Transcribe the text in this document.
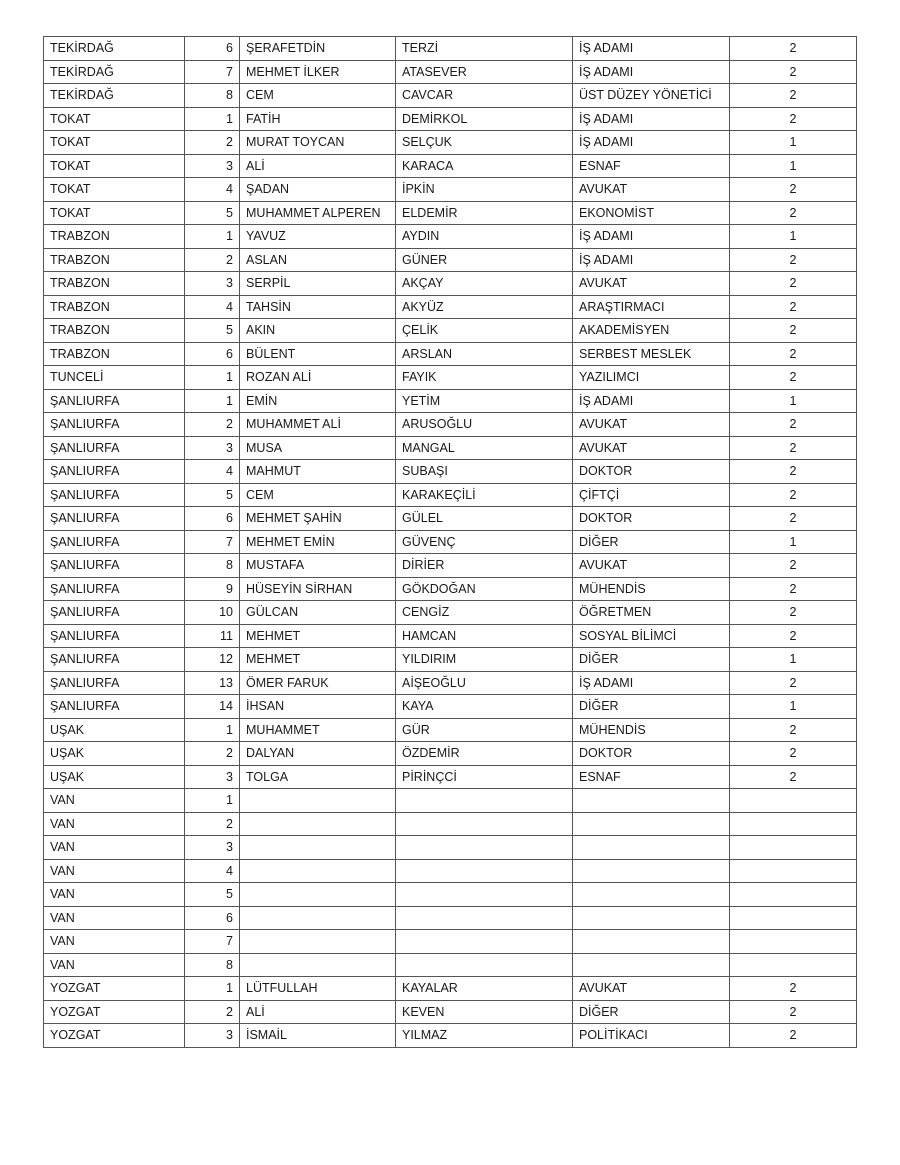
TEKİRDAĞ	6	ŞERAFETDİN	TERZİ	İŞ ADAMI	2
TEKİRDAĞ	7	MEHMET İLKER	ATASEVER	İŞ ADAMI	2
TEKİRDAĞ	8	CEM	CAVCAR	ÜST DÜZEY YÖNETİCİ	2
TOKAT	1	FATİH	DEMİRKOL	İŞ ADAMI	2
TOKAT	2	MURAT TOYCAN	SELÇUK	İŞ ADAMI	1
TOKAT	3	ALİ	KARACA	ESNAF	1
TOKAT	4	ŞADAN	İPKİN	AVUKAT	2
TOKAT	5	MUHAMMET ALPEREN	ELDEMİR	EKONOMİST	2
TRABZON	1	YAVUZ	AYDIN	İŞ ADAMI	1
TRABZON	2	ASLAN	GÜNER	İŞ ADAMI	2
TRABZON	3	SERPİL	AKÇAY	AVUKAT	2
TRABZON	4	TAHSİN	AKYÜZ	ARAŞTIRMACI	2
TRABZON	5	AKIN	ÇELİK	AKADEMİSYEN	2
TRABZON	6	BÜLENT	ARSLAN	SERBEST MESLEK	2
TUNCELİ	1	ROZAN ALİ	FAYIK	YAZILIMCI	2
ŞANLIURFA	1	EMİN	YETİM	İŞ ADAMI	1
ŞANLIURFA	2	MUHAMMET ALİ	ARUSOĞLU	AVUKAT	2
ŞANLIURFA	3	MUSA	MANGAL	AVUKAT	2
ŞANLIURFA	4	MAHMUT	SUBAŞI	DOKTOR	2
ŞANLIURFA	5	CEM	KARAKEÇİLİ	ÇİFTÇİ	2
ŞANLIURFA	6	MEHMET ŞAHİN	GÜLEL	DOKTOR	2
ŞANLIURFA	7	MEHMET EMİN	GÜVENÇ	DİĞER	1
ŞANLIURFA	8	MUSTAFA	DİRİER	AVUKAT	2
ŞANLIURFA	9	HÜSEYİN SİRHAN	GÖKDOĞAN	MÜHENDİS	2
ŞANLIURFA	10	GÜLCAN	CENGİZ	ÖĞRETMEN	2
ŞANLIURFA	11	MEHMET	HAMCAN	SOSYAL BİLİMCİ	2
ŞANLIURFA	12	MEHMET	YILDIRIM	DİĞER	1
ŞANLIURFA	13	ÖMER FARUK	AİŞEOĞLU	İŞ ADAMI	2
ŞANLIURFA	14	İHSAN	KAYA	DİĞER	1
UŞAK	1	MUHAMMET	GÜR	MÜHENDİS	2
UŞAK	2	DALYAN	ÖZDEMİR	DOKTOR	2
UŞAK	3	TOLGA	PİRİNÇCİ	ESNAF	2
VAN	1				
VAN	2				
VAN	3				
VAN	4				
VAN	5				
VAN	6				
VAN	7				
VAN	8				
YOZGAT	1	LÜTFULLAH	KAYALAR	AVUKAT	2
YOZGAT	2	ALİ	KEVEN	DİĞER	2
YOZGAT	3	İSMAİL	YILMAZ	POLİTİKACI	2
